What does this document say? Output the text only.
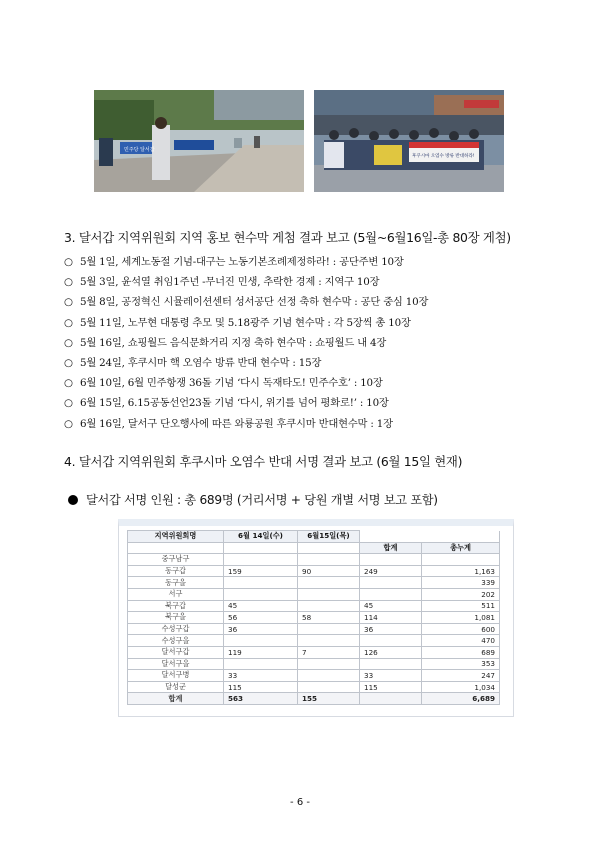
민주당 달서갑
후쿠시마 오염수 방류 반대하라!
3. 달서갑 지역위원회 지역 홍보 현수막 게첨 결과 보고 (5월~6월16일-총 80장 게첨)
○ 5월 1일, 세계노동절 기념-대구는 노동기본조례제정하라! : 공단주변 10장
○ 5월 3일, 윤석열 취임1주년 -무너진 민생, 추락한 경제 : 지역구 10장
○ 5월 8일, 공정혁신 시뮬레이션센터 성서공단 선정 축하 현수막 : 공단 중심 10장
○ 5월 11일, 노무현 대통령 추모 및 5.18광주 기념 현수막 : 각 5장씩 총 10장
○ 5월 16일, 쇼핑월드 음식문화거리 지정 축하 현수막 : 쇼핑월드 내 4장
○ 5월 24일, 후쿠시마 핵 오염수 방류 반대 현수막 : 15장
○ 6월 10일, 6월 민주항쟁 36돌 기념 ‘다시 독재타도! 민주수호’ : 10장
○ 6월 15일, 6.15공동선언23돌 기념 ‘다시, 위기를 넘어 평화로!’ : 10장
○ 6월 16일, 달서구 단오행사에 따른 와룡공원 후쿠시마 반대현수막 : 1장
4. 달서갑 지역위원회 후쿠시마 오염수 반대 서명 결과 보고 (6월 15일 현재)
달서갑 서명 인원 : 총 689명 (거리서명 + 당원 개별 서명 보고 포함)
지역위원회명	6월 14일(수)	6월15일(목)		
			합계	총누계
중구남구				
동구갑	159	90	249	1,163
동구을				339
서구				202
북구갑	45		45	511
북구을	56	58	114	1,081
수성구갑	36		36	600
수성구을				470
달서구갑	119	7	126	689
달서구을				353
달서구병	33		33	247
달성군	115		115	1,034
합계	563	155		6,689
- 6 -
